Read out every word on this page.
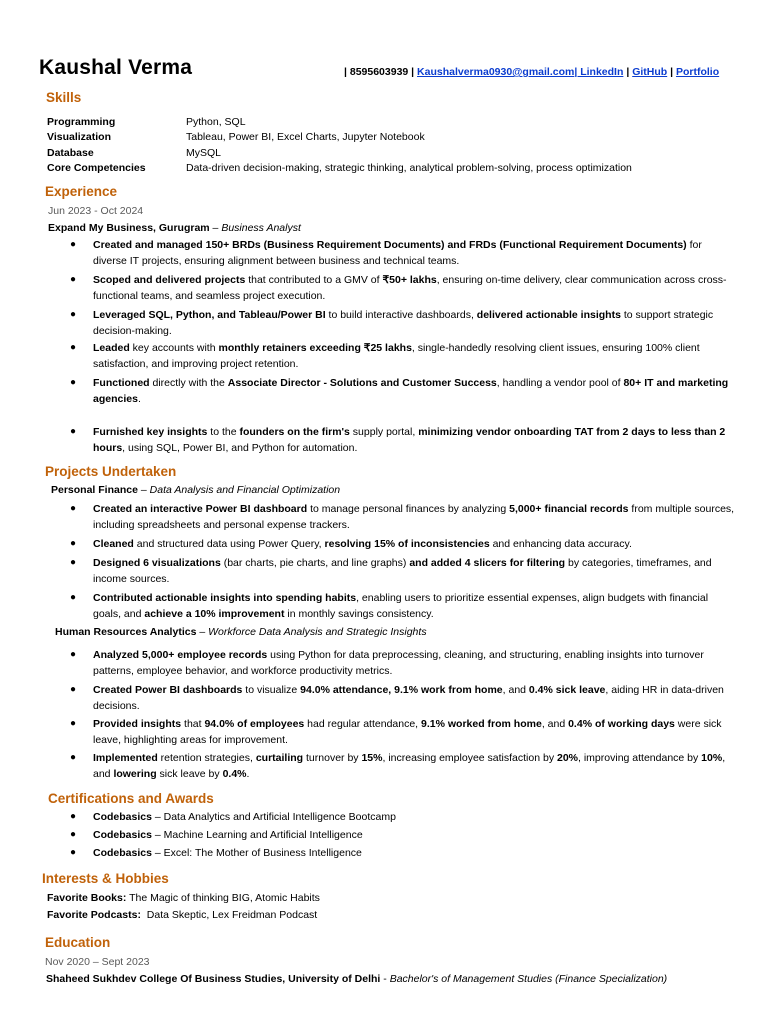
Kaushal Verma	| 8595603939 | Kaushalverma0930@gmail.com| LinkedIn | GitHub | Portfolio
Skills
Programming	Python, SQL
Visualization	Tableau, Power BI, Excel Charts, Jupyter Notebook
Database	MySQL
Core Competencies	Data-driven decision-making, strategic thinking, analytical problem-solving, process optimization
Experience
Jun 2023 - Oct 2024
Expand My Business, Gurugram – Business Analyst
● Created and managed 150+ BRDs (Business Requirement Documents) and FRDs (Functional Requirement Documents) for diverse IT projects, ensuring alignment between business and technical teams.
● Scoped and delivered projects that contributed to a GMV of ₹50+ lakhs, ensuring on-time delivery, clear communication across cross-functional teams, and seamless project execution.
● Leveraged SQL, Python, and Tableau/Power BI to build interactive dashboards, delivered actionable insights to support strategic decision-making.
● Leaded key accounts with monthly retainers exceeding ₹25 lakhs, single-handedly resolving client issues, ensuring 100% client satisfaction, and improving project retention.
● Functioned directly with the Associate Director - Solutions and Customer Success, handling a vendor pool of 80+ IT and marketing agencies.
● Furnished key insights to the founders on the firm's supply portal, minimizing vendor onboarding TAT from 2 days to less than 2 hours, using SQL, Power BI, and Python for automation.
Projects Undertaken
Personal Finance – Data Analysis and Financial Optimization
● Created an interactive Power BI dashboard to manage personal finances by analyzing 5,000+ financial records from multiple sources, including spreadsheets and personal expense trackers.
● Cleaned and structured data using Power Query, resolving 15% of inconsistencies and enhancing data accuracy.
● Designed 6 visualizations (bar charts, pie charts, and line graphs) and added 4 slicers for filtering by categories, timeframes, and income sources.
● Contributed actionable insights into spending habits, enabling users to prioritize essential expenses, align budgets with financial goals, and achieve a 10% improvement in monthly savings consistency.
Human Resources Analytics – Workforce Data Analysis and Strategic Insights
● Analyzed 5,000+ employee records using Python for data preprocessing, cleaning, and structuring, enabling insights into turnover patterns, employee behavior, and workforce productivity metrics.
● Created Power BI dashboards to visualize 94.0% attendance, 9.1% work from home, and 0.4% sick leave, aiding HR in data-driven decisions.
● Provided insights that 94.0% of employees had regular attendance, 9.1% worked from home, and 0.4% of working days were sick leave, highlighting areas for improvement.
● Implemented retention strategies, curtailing turnover by 15%, increasing employee satisfaction by 20%, improving attendance by 10%, and lowering sick leave by 0.4%.
Certifications and Awards
● Codebasics – Data Analytics and Artificial Intelligence Bootcamp
● Codebasics – Machine Learning and Artificial Intelligence
● Codebasics – Excel: The Mother of Business Intelligence
Interests & Hobbies
Favorite Books: The Magic of thinking BIG, Atomic Habits
Favorite Podcasts:  Data Skeptic, Lex Freidman Podcast
Education
Nov 2020 – Sept 2023
Shaheed Sukhdev College Of Business Studies, University of Delhi - Bachelor's of Management Studies (Finance Specialization)
